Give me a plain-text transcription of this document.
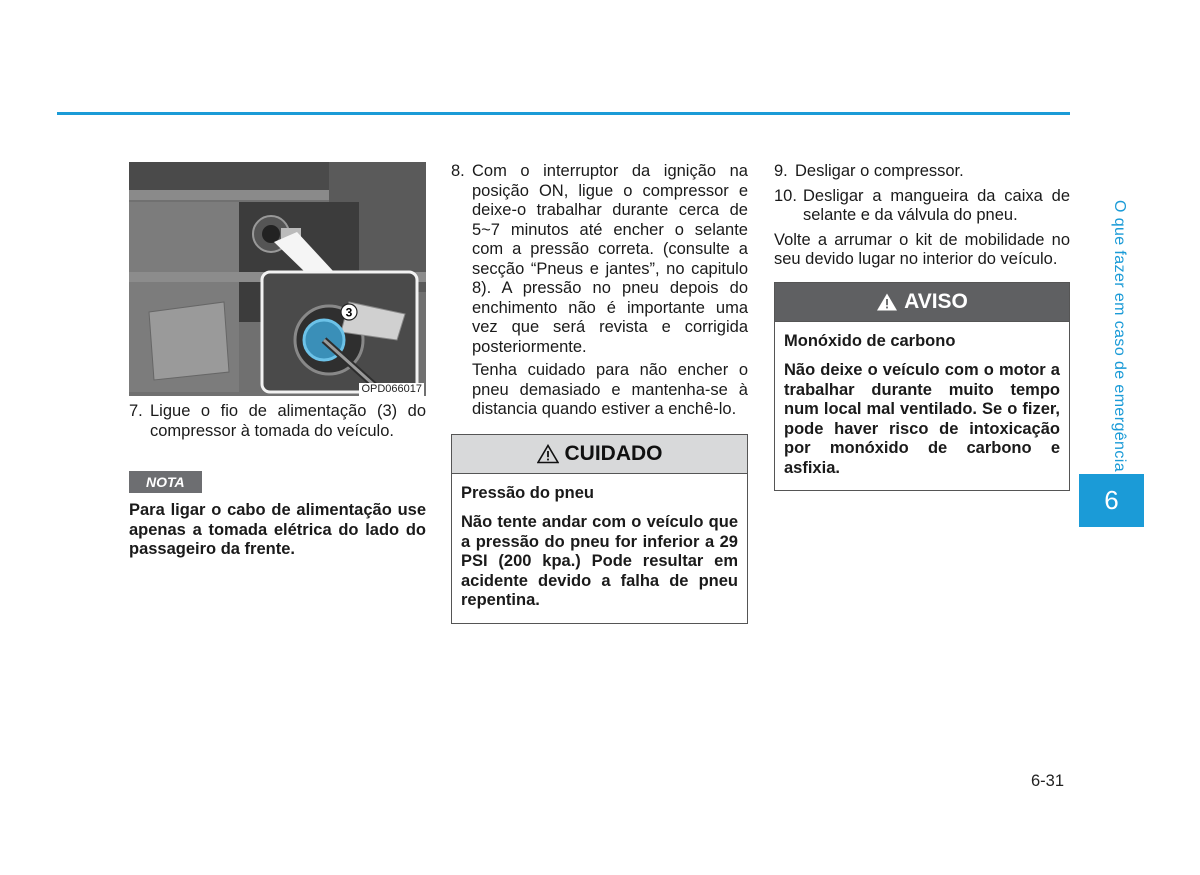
3
OPD066017
7. Ligue o fio de alimentação (3) do compressor à tomada do veículo.
NOTA
Para ligar o cabo de alimentação use apenas a tomada elétrica do lado do passageiro da frente.
8. Com o interruptor da ignição na posição ON, ligue o compressor e deixe-o trabalhar durante cerca de 5~7 minutos até encher o selante com a pressão correta. (consulte a secção “Pneus e jantes”, no capitulo 8). A pressão no pneu depois do enchimento não é importante uma vez que será revista e corrigida posteriormente.
Tenha cuidado para não encher o pneu demasiado e mantenha-se à distancia quando estiver a enchê-lo.
CUIDADO
Pressão do pneu
Não tente andar com o veículo que a pressão do pneu for inferior a 29 PSI (200 kpa.) Pode resultar em acidente devido a falha de pneu repentina.
9. Desligar o compressor.
10. Desligar a mangueira da caixa de selante e da válvula do pneu.
Volte a arrumar o kit de mobilidade no seu devido lugar no interior do veículo.
AVISO
Monóxido de carbono
Não deixe o veículo com o motor a trabalhar durante muito tempo num local mal ventilado. Se o fizer, pode haver risco de intoxicação por monóxido de carbono e asfixia.	O que fazer em caso de emergência
6
6-31
